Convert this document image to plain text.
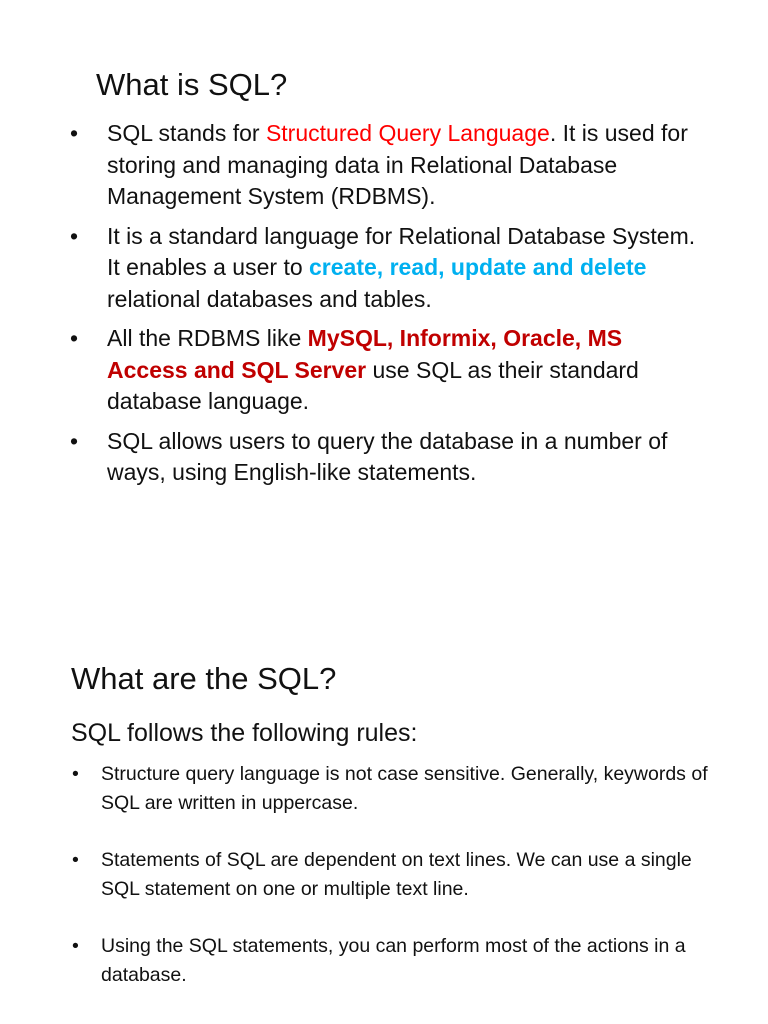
What is SQL?
• SQL stands for Structured Query Language. It is used for storing and managing data in Relational Database Management System (RDBMS).
• It is a standard language for Relational Database System. It enables a user to create, read, update and delete relational databases and tables.
• All the RDBMS like MySQL, Informix, Oracle, MS Access and SQL Server use SQL as their standard database language.
• SQL allows users to query the database in a number of ways, using English-like statements.
What are the SQL?

SQL follows the following rules:

• Structure query language is not case sensitive. Generally, keywords of SQL are written in uppercase.
• Statements of SQL are dependent on text lines. We can use a single SQL statement on one or multiple text line.
• Using the SQL statements, you can perform most of the actions in a database.
